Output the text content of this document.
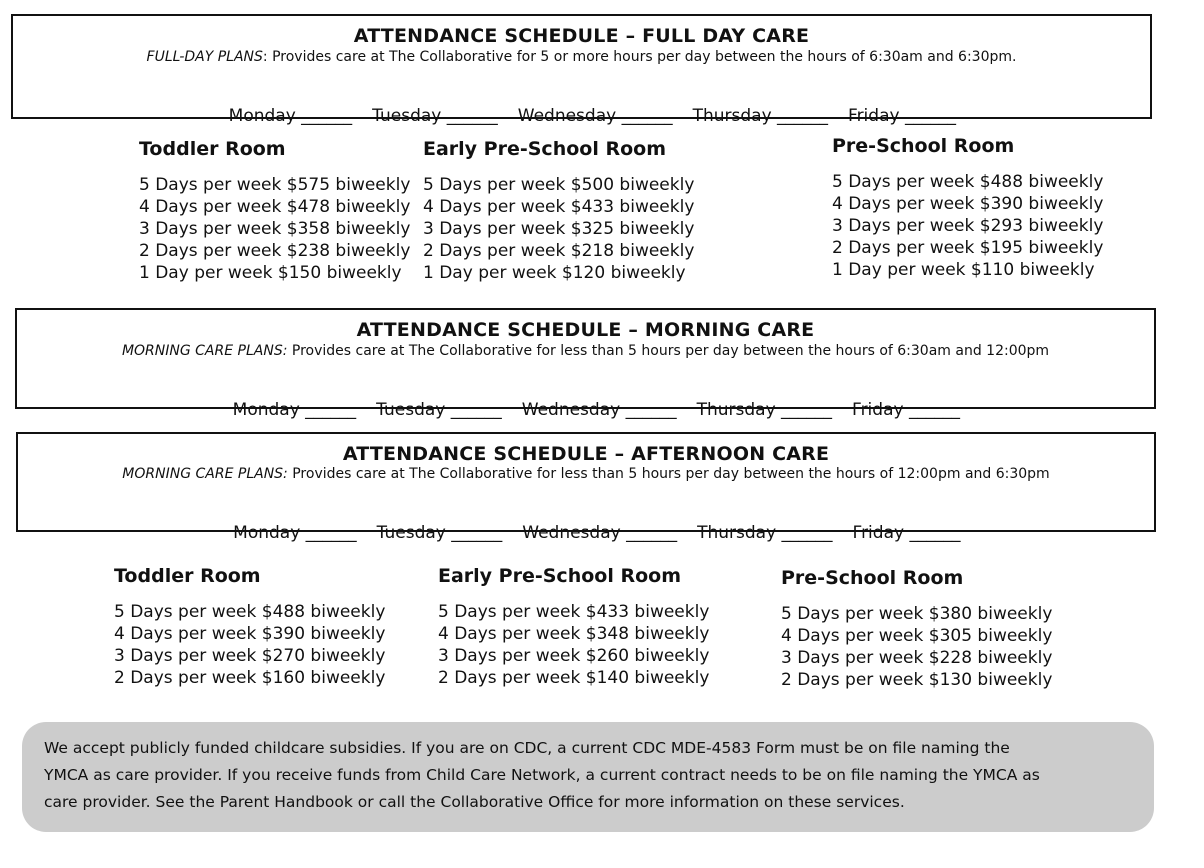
ATTENDANCE SCHEDULE – FULL DAY CARE
FULL-DAY PLANS: Provides care at The Collaborative for 5 or more hours per day between the hours of 6:30am and 6:30pm.

Monday ______ Tuesday ______ Wednesday ______ Thursday ______ Friday ______

Toddler Room
5 Days per week $575 biweekly
4 Days per week $478 biweekly
3 Days per week $358 biweekly
2 Days per week $238 biweekly
1 Day per week $150 biweekly
Early Pre-School Room
5 Days per week $500 biweekly
4 Days per week $433 biweekly
3 Days per week $325 biweekly
2 Days per week $218 biweekly
1 Day per week $120 biweekly
Pre-School Room
5 Days per week $488 biweekly
4 Days per week $390 biweekly
3 Days per week $293 biweekly
2 Days per week $195 biweekly
1 Day per week $110 biweekly
ATTENDANCE SCHEDULE – MORNING CARE
MORNING CARE PLANS: Provides care at The Collaborative for less than 5 hours per day between the hours of 6:30am and 12:00pm

Monday ______ Tuesday ______ Wednesday ______ Thursday ______ Friday ______

ATTENDANCE SCHEDULE – AFTERNOON CARE
MORNING CARE PLANS: Provides care at The Collaborative for less than 5 hours per day between the hours of 12:00pm and 6:30pm

Monday ______ Tuesday ______ Wednesday ______ Thursday ______ Friday ______

Toddler Room
5 Days per week $488 biweekly
4 Days per week $390 biweekly
3 Days per week $270 biweekly
2 Days per week $160 biweekly
Early Pre-School Room
5 Days per week $433 biweekly
4 Days per week $348 biweekly
3 Days per week $260 biweekly
2 Days per week $140 biweekly
Pre-School Room
5 Days per week $380 biweekly
4 Days per week $305 biweekly
3 Days per week $228 biweekly
2 Days per week $130 biweekly
We accept publicly funded childcare subsidies. If you are on CDC, a current CDC MDE-4583 Form must be on file naming the
YMCA as care provider. If you receive funds from Child Care Network, a current contract needs to be on file naming the YMCA as
care provider. See the Parent Handbook or call the Collaborative Office for more information on these services.
